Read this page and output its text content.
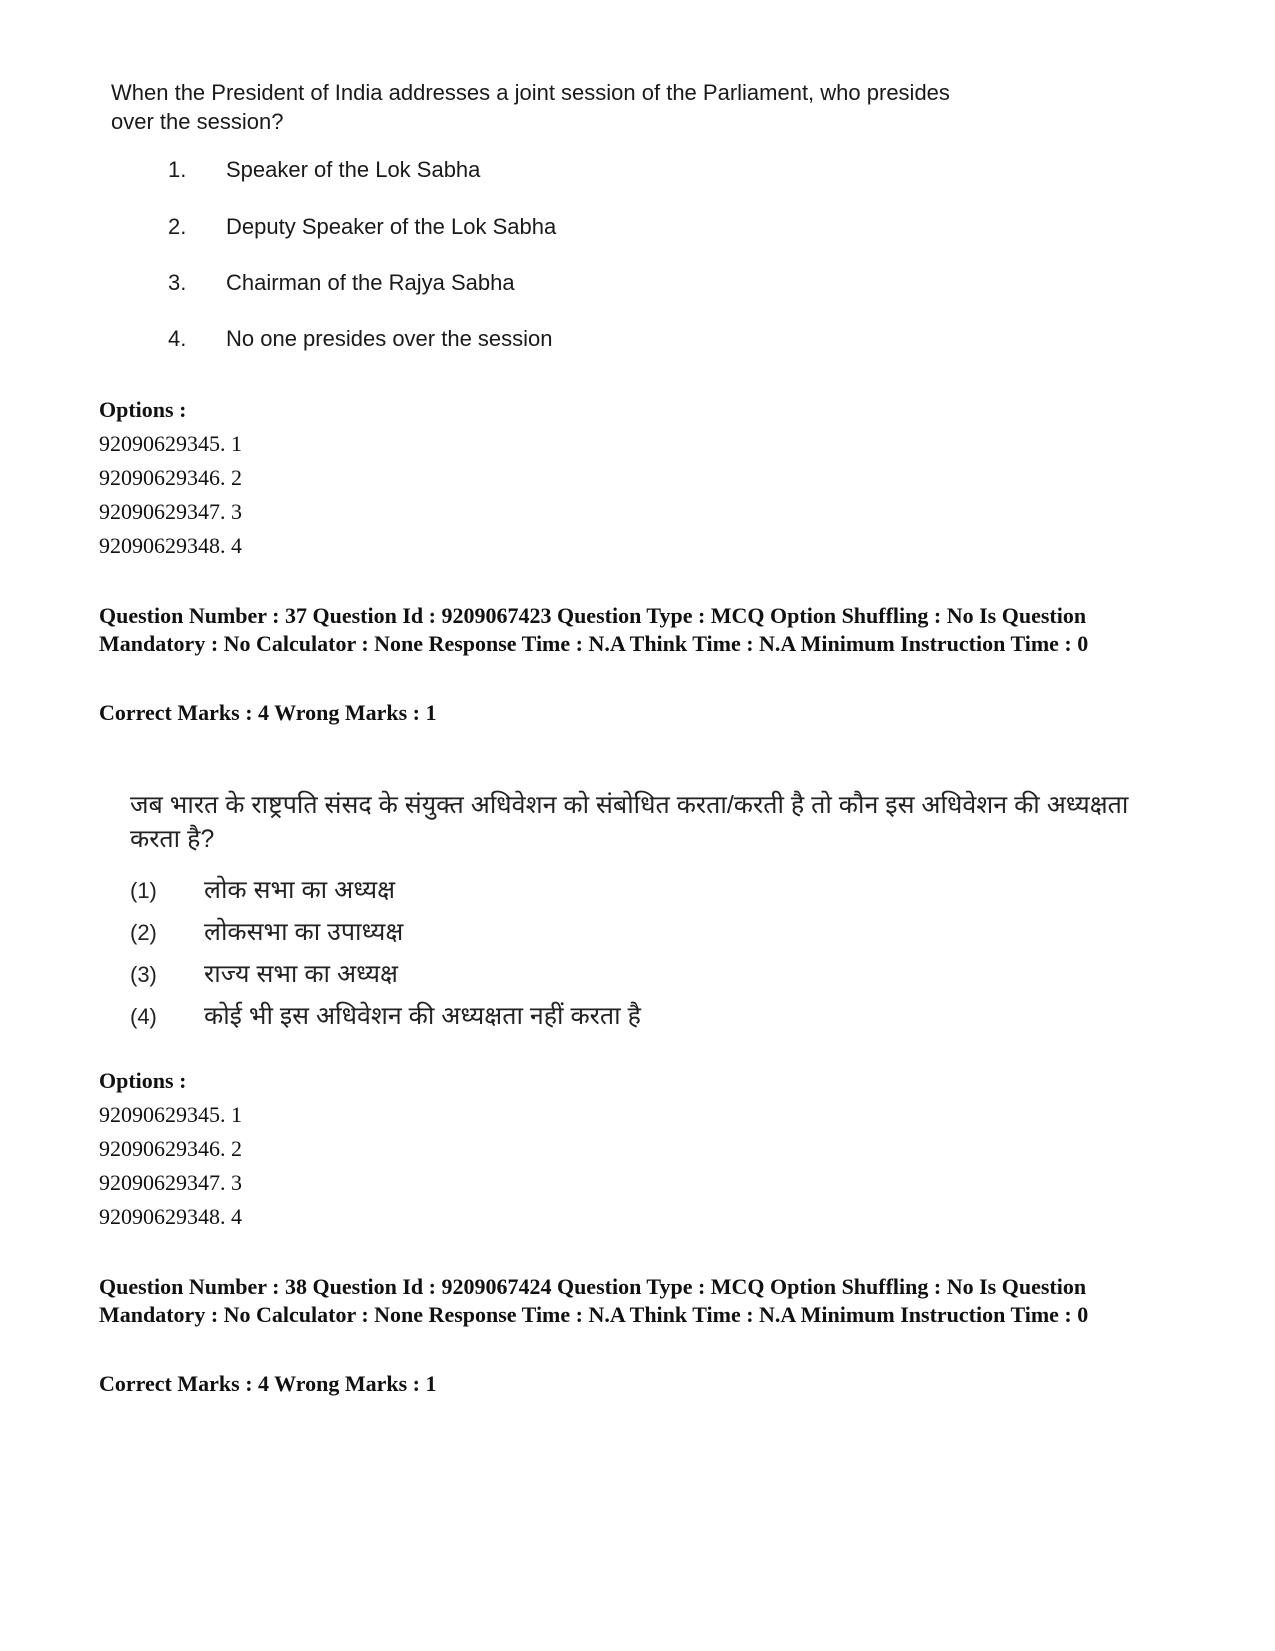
When the President of India addresses a joint session of the Parliament, who presides over the session?
1. Speaker of the Lok Sabha
2. Deputy Speaker of the Lok Sabha
3. Chairman of the Rajya Sabha
4. No one presides over the session
Options :
92090629345. 1
92090629346. 2
92090629347. 3
92090629348. 4
Question Number : 37 Question Id : 9209067423 Question Type : MCQ Option Shuffling : No Is Question Mandatory : No Calculator : None Response Time : N.A Think Time : N.A Minimum Instruction Time : 0
Correct Marks : 4 Wrong Marks : 1
जब भारत के राष्ट्रपति संसद के संयुक्त अधिवेशन को संबोधित करता/करती है तो कौन इस अधिवेशन की अध्यक्षता करता है?
(1) लोक सभा का अध्यक्ष
(2) लोकसभा का उपाध्यक्ष
(3) राज्य सभा का अध्यक्ष
(4) कोई भी इस अधिवेशन की अध्यक्षता नहीं करता है
Options :
92090629345. 1
92090629346. 2
92090629347. 3
92090629348. 4
Question Number : 38 Question Id : 9209067424 Question Type : MCQ Option Shuffling : No Is Question Mandatory : No Calculator : None Response Time : N.A Think Time : N.A Minimum Instruction Time : 0
Correct Marks : 4 Wrong Marks : 1
